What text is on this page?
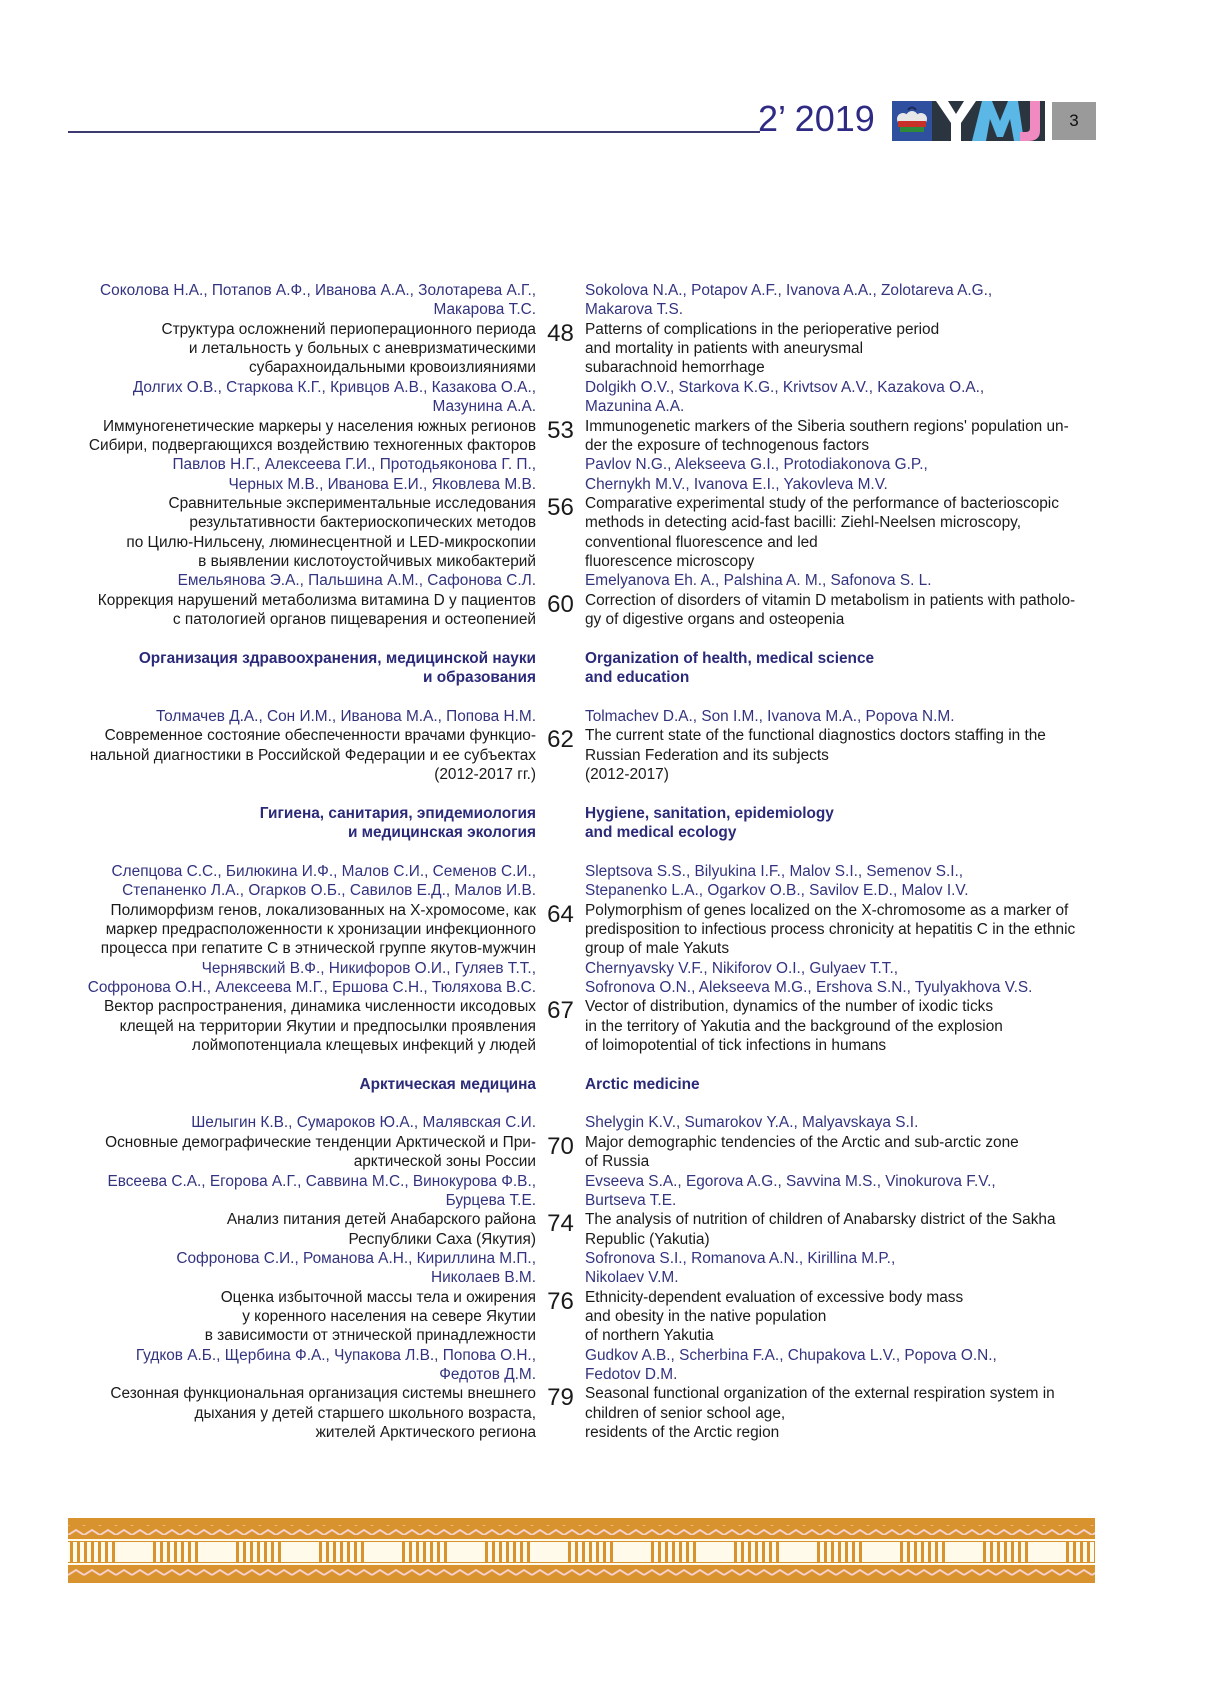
2’ 2019	3
Соколова Н.А., Потапов А.Ф., Иванова А.А., Золотарева А.Г.,	Sokolova N.A., Potapov A.F., Ivanova A.A., Zolotareva A.G.,
Макарова Т.С.	Makarova T.S.
Структура осложнений периоперационного периода 48 Patterns of complications in the perioperative period
и летальность у больных с аневризматическими	and mortality in patients with aneurysmal
субарахноидальными кровоизлияниями	subarachnoid hemorrhage
Долгих О.В., Старкова К.Г., Кривцов А.В., Казакова О.А.,	Dolgikh O.V., Starkova K.G., Krivtsov A.V., Kazakova O.A.,
Мазунина А.А.	Mazunina A.A.
Иммуногенетические маркеры у населения южных регионов 53 Immunogenetic markers of the Siberia southern regions' population un-
Сибири, подвергающихся воздействию техногенных факторов	der the exposure of technogenous factors
Павлов Н.Г., Алексеева Г.И., Протодьяконова Г. П.,	Pavlov N.G., Alekseeva G.I., Protodiakonova G.P.,
Черных М.В., Иванова Е.И., Яковлева М.В.	Chernykh M.V., Ivanova E.I., Yakovleva M.V.
Сравнительные экспериментальные исследования 56 Comparative experimental study of the performance of bacterioscopic
результативности бактериоскопических методов	methods in detecting acid-fast bacilli: Ziehl-Neelsen microscopy,
по Цилю-Нильсену, люминесцентной и LED-микроскопии	conventional fluorescence and led
в выявлении кислотоустойчивых микобактерий	fluorescence microscopy
Емельянова Э.А., Пальшина А.М., Сафонова С.Л.	Emelyanova Eh. A., Palshina A. M., Safonova S. L.
Коррекция нарушений метаболизма витамина D у пациентов 60 Correction of disorders of vitamin D metabolism in patients with patholo-
с патологией органов пищеварения и остеопенией	gy of digestive organs and osteopenia
Организация здравоохранения, медицинской науки	Organization of health, medical science
и образования	and education
Толмачев Д.А., Сон И.М., Иванова М.А., Попова Н.М.	Tolmachev D.A., Son I.M., Ivanova M.A., Popova N.M.
Современное состояние обеспеченности врачами функцио- 62 The current state of the functional diagnostics doctors staffing in the
нальной диагностики в Российской Федерации и ее субъектах	Russian Federation and its subjects
(2012-2017 гг.)	(2012-2017)
Гигиена, санитария, эпидемиология	Hygiene, sanitation, epidemiology
и медицинская экология	and medical ecology
Слепцова С.С., Билюкина И.Ф., Малов С.И., Семенов С.И.,	Sleptsova S.S., Bilyukina I.F., Malov S.I., Semenov S.I.,
Степаненко Л.А., Огарков О.Б., Савилов Е.Д., Малов И.В.	Stepanenko L.A., Ogarkov O.B., Savilov E.D., Malov I.V.
Полиморфизм генов, локализованных на Х-хромосоме, как 64 Polymorphism of genes localized on the X-chromosome as a marker of
маркер предрасположенности к хронизации инфекционного	predisposition to infectious process chronicity at hepatitis C in the ethnic
процесса при гепатите С в этнической группе якутов-мужчин	group of male Yakuts
Чернявский В.Ф., Никифоров О.И., Гуляев Т.Т.,	Chernyavsky V.F., Nikiforov O.I., Gulyaev T.T.,
Софронова О.Н., Алексеева М.Г., Ершова С.Н., Тюляхова В.С.	Sofronova O.N., Alekseeva M.G., Ershova S.N., Tyulyakhova V.S.
Вектор распространения, динамика численности иксодовых 67 Vector of distribution, dynamics of the number of ixodic ticks
клещей на территории Якутии и предпосылки проявления	in the territory of Yakutia and the background of the explosion
лоймопотенциала клещевых инфекций у людей	of loimopotential of tick infections in humans
Арктическая медицина	Arctic medicine
Шелыгин К.В., Сумароков Ю.А., Малявская С.И.	Shelygin K.V., Sumarokov Y.A., Malyavskaya S.I.
Основные демографические тенденции Арктической и При- 70 Major demographic tendencies of the Arctic and sub-arctic zone
арктической зоны России	of Russia
Евсеева С.А., Егорова А.Г., Саввина М.С., Винокурова Ф.В.,	Evseeva S.A., Egorova A.G., Savvina M.S., Vinokurova F.V.,
Бурцева Т.Е.	Burtseva T.E.
Анализ питания детей Анабарского района 74 The analysis of nutrition of children of Anabarsky district of the Sakha
Республики Саха (Якутия)	Republic (Yakutia)
Софронова С.И., Романова А.Н., Кириллина М.П.,	Sofronova S.I., Romanova A.N., Kirillina M.P.,
Николаев В.М.	Nikolaev V.M.
Оценка избыточной массы тела и ожирения 76 Ethnicity-dependent evaluation of excessive body mass
у коренного населения на севере Якутии	and obesity in the native population
в зависимости от этнической принадлежности	of northern Yakutia
Гудков А.Б., Щербина Ф.А., Чупакова Л.В., Попова О.Н.,	Gudkov A.B., Scherbina F.A., Chupakova L.V., Popova O.N.,
Федотов Д.М.	Fedotov D.M.
Сезонная функциональная организация системы внешнего 79 Seasonal functional organization of the external respiration system in
дыхания у детей старшего школьного возраста,	children of senior school age,
жителей Арктического региона	residents of the Arctic region
